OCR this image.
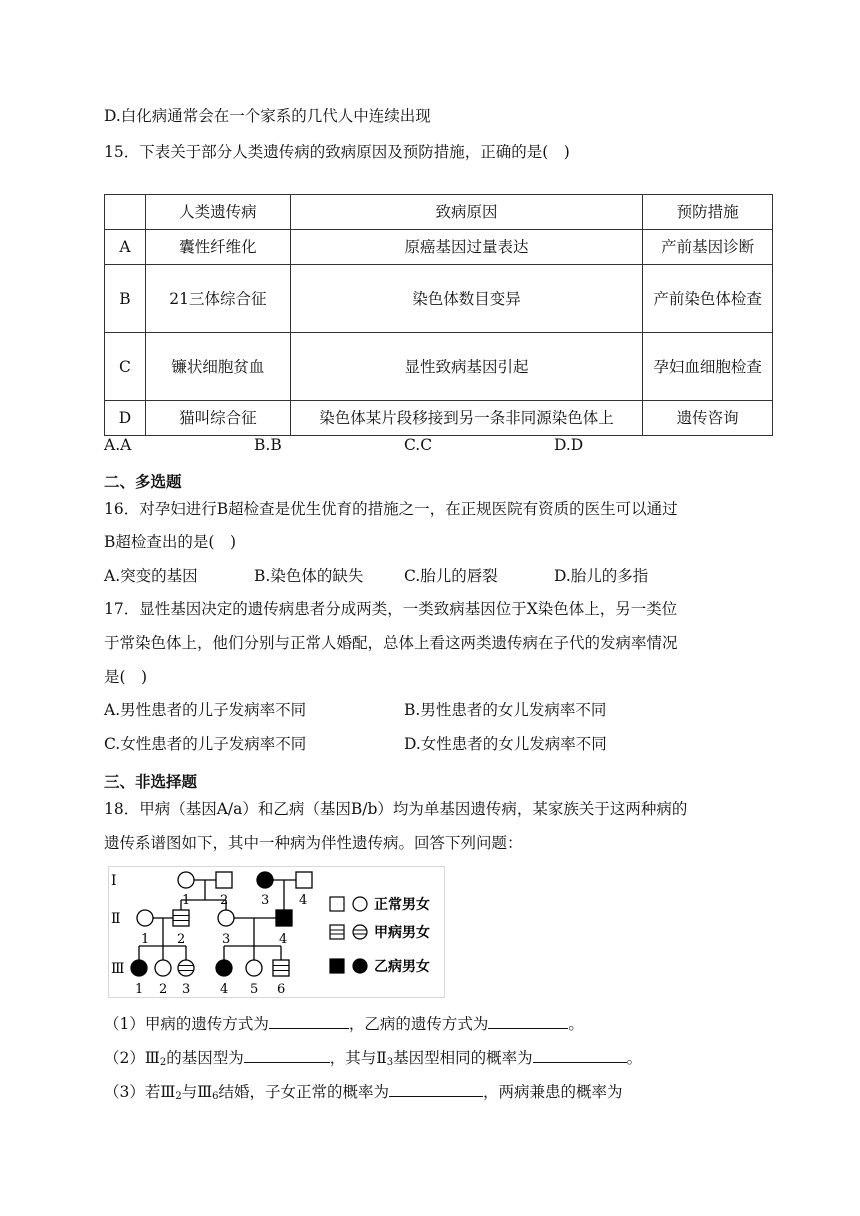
D.白化病通常会在一个家系的几代人中连续出现
15．下表关于部分人类遗传病的致病原因及预防措施，正确的是(　)
	人类遗传病	致病原因	预防措施
A	囊性纤维化	原癌基因过量表达	产前基因诊断
B	21三体综合征	染色体数目变异	产前染色体检查
C	镰状细胞贫血	显性致病基因引起	孕妇血细胞检查
D	猫叫综合征	染色体某片段移接到另一条非同源染色体上	遗传咨询
A.A	B.B	C.C	D.D
二、多选题
16．对孕妇进行B超检查是优生优育的措施之一，在正规医院有资质的医生可以通过
B超检查出的是(　)
A.突变的基因	B.染色体的缺失	C.胎儿的唇裂	D.胎儿的多指
17．显性基因决定的遗传病患者分成两类，一类致病基因位于X染色体上，另一类位
于常染色体上，他们分别与正常人婚配，总体上看这两类遗传病在子代的发病率情况
是(　)
A.男性患者的儿子发病率不同	B.男性患者的女儿发病率不同
C.女性患者的儿子发病率不同	D.女性患者的女儿发病率不同
三、非选择题
18．甲病（基因A/a）和乙病（基因B/b）均为单基因遗传病，某家族关于这两种病的
遗传系谱图如下，其中一种病为伴性遗传病。回答下列问题：
Ⅰ
Ⅱ
Ⅲ
1 2	3 4
1 2	3	4
1 2 3 4 5 6
正常男女
甲病男女
乙病男女
（1）甲病的遗传方式为	，乙病的遗传方式为	。
$(2)Ⅲ_2$的基因型为	，其与$Ⅱ_3$基因型相同的概率为	。
（3）若$Ⅲ_2$与$Ⅲ_6$结婚，子女正常的概率为	，两病兼患的概率为
